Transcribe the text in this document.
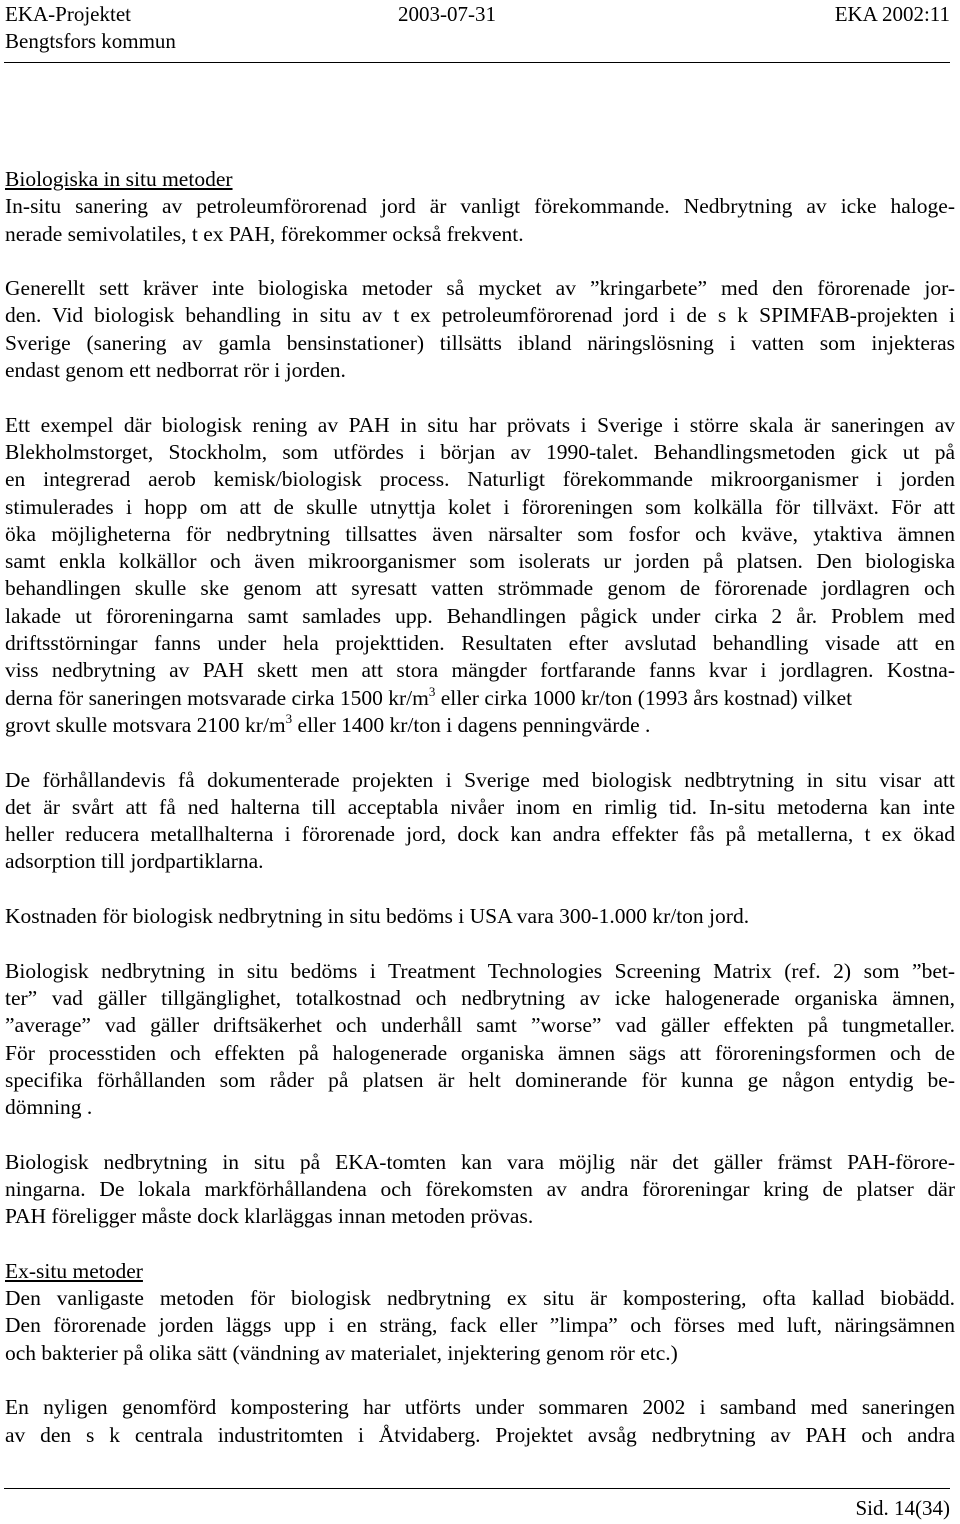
EKA-Projektet
Bengtsfors kommun
2003-07-31	EKA 2002:11
Biologiska in situ metoder
In-situ sanering av petroleumförorenad jord är vanligt förekommande. Nedbrytning av icke haloge-
nerade semivolatiles, t ex PAH, förekommer också frekvent.
Generellt sett kräver inte biologiska metoder så mycket av ”kringarbete” med den förorenade jor-
den. Vid biologisk behandling in situ av t ex petroleumförorenad jord i de s k SPIMFAB-projekten i
Sverige (sanering av gamla bensinstationer) tillsätts ibland näringslösning i vatten som injekteras
endast genom ett nedborrat rör i jorden.
Ett exempel där biologisk rening av PAH in situ har prövats i Sverige i större skala är saneringen av
Blekholmstorget, Stockholm, som utfördes i början av 1990-talet. Behandlingsmetoden gick ut på
en integrerad aerob kemisk/biologisk process. Naturligt förekommande mikroorganismer i jorden
stimulerades i hopp om att de skulle utnyttja kolet i föroreningen som kolkälla för tillväxt. För att
öka möjligheterna för nedbrytning tillsattes även närsalter som fosfor och kväve, ytaktiva ämnen
samt enkla kolkällor och även mikroorganismer som isolerats ur jorden på platsen. Den biologiska
behandlingen skulle ske genom att syresatt vatten strömmade genom de förorenade jordlagren och
lakade ut föroreningarna samt samlades upp. Behandlingen pågick under cirka 2 år. Problem med
driftsstörningar fanns under hela projekttiden. Resultaten efter avslutad behandling visade att en
viss nedbrytning av PAH skett men att stora mängder fortfarande fanns kvar i jordlagren. Kostna-
derna för saneringen motsvarade cirka 1500 $kr/m^3$ eller cirka 1000 kr/ton (1993 års kostnad) vilket
grovt skulle motsvara 2100 $kr/m^3$ eller 1400 kr/ton i dagens penningvärde .
De förhållandevis få dokumenterade projekten i Sverige med biologisk nedbtrytning in situ visar att
det är svårt att få ned halterna till acceptabla nivåer inom en rimlig tid. In-situ metoderna kan inte
heller reducera metallhalterna i förorenade jord, dock kan andra effekter fås på metallerna, t ex ökad
adsorption till jordpartiklarna.
Kostnaden för biologisk nedbrytning in situ bedöms i USA vara 300-1.000 kr/ton jord.
Biologisk nedbrytning in situ bedöms i Treatment Technologies Screening Matrix (ref. 2) som ”bet-
ter” vad gäller tillgänglighet, totalkostnad och nedbrytning av icke halogenerade organiska ämnen,
”average” vad gäller driftsäkerhet och underhåll samt ”worse” vad gäller effekten på tungmetaller.
För processtiden och effekten på halogenerade organiska ämnen sägs att föroreningsformen och de
specifika förhållanden som råder på platsen är helt dominerande för kunna ge någon entydig be-
dömning .
Biologisk nedbrytning in situ på EKA-tomten kan vara möjlig när det gäller främst PAH-förore-
ningarna. De lokala markförhållandena och förekomsten av andra föroreningar kring de platser där
PAH föreligger måste dock klarläggas innan metoden prövas.
Ex-situ metoder
Den vanligaste metoden för biologisk nedbrytning ex situ är kompostering, ofta kallad biobädd.
Den förorenade jorden läggs upp i en sträng, fack eller ”limpa” och förses med luft, näringsämnen
och bakterier på olika sätt (vändning av materialet, injektering genom rör etc.)
En nyligen genomförd kompostering har utförts under sommaren 2002 i samband med saneringen
av den s k centrala industritomten i Åtvidaberg. Projektet avsåg nedbrytning av PAH och andra
Sid. 14(34)
